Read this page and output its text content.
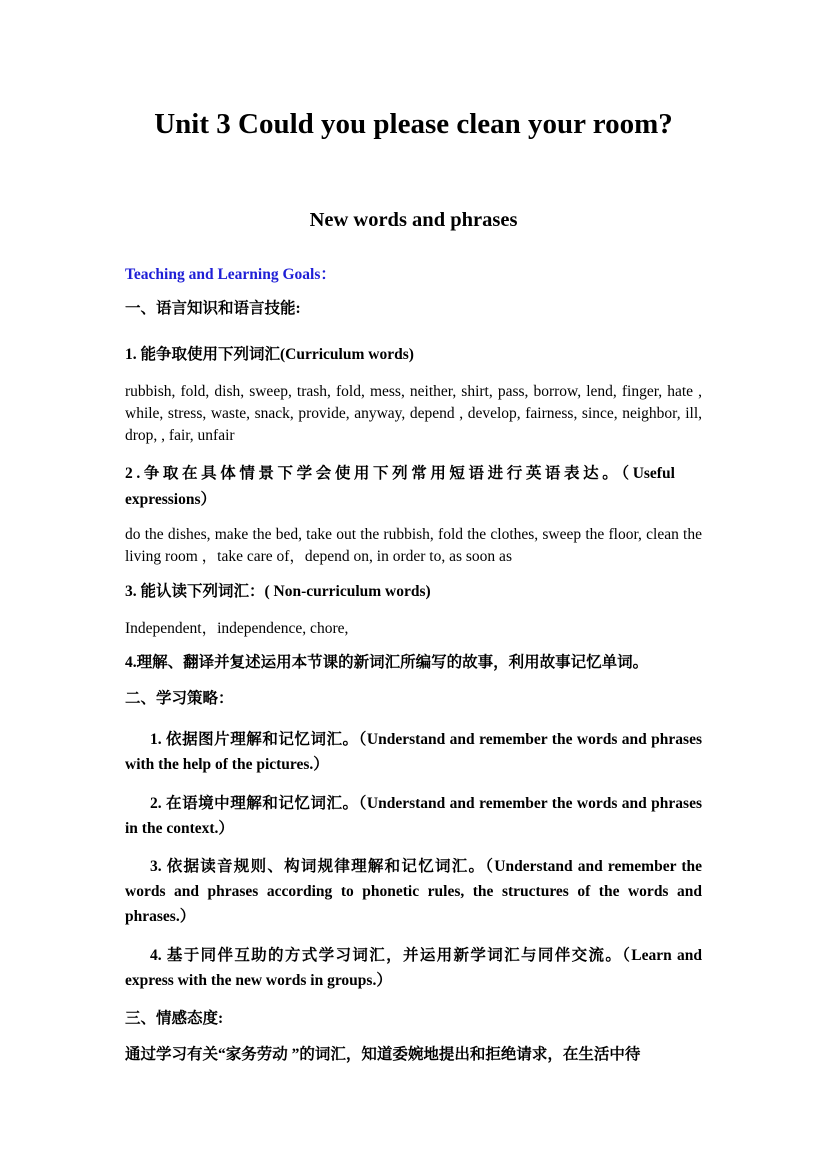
Unit 3 Could you please clean your room?
New words and phrases

Teaching and Learning Goals：

一、语言知识和语言技能:

1. 能争取使用下列词汇(Curriculum words)

rubbish, fold, dish, sweep, trash, fold, mess, neither, shirt, pass, borrow, lend, finger, hate , while, stress, waste, snack, provide, anyway, depend , develop, fairness, since, neighbor, ill, drop, , fair, unfair

2.争取在具体情景下学会使用下列常用短语进行英语表达。（Useful expressions）

do the dishes, make the bed, take out the rubbish, fold the clothes, sweep the floor, clean the living room ，take care of，depend on, in order to, as soon as

3. 能认读下列词汇：( Non-curriculum words)

Independent，independence, chore,

4.理解、翻译并复述运用本节课的新词汇所编写的故事，利用故事记忆单词。

二、学习策略：

1. 依据图片理解和记忆词汇。（Understand and remember the words and phrases with the help of the pictures.）

2. 在语境中理解和记忆词汇。（Understand and remember the words and phrases in the context.）

3. 依据读音规则、构词规律理解和记忆词汇。（Understand and remember the words and phrases according to phonetic rules, the structures of the words and phrases.）

4. 基于同伴互助的方式学习词汇，并运用新学词汇与同伴交流。（Learn and express with the new words in groups.）

三、情感态度:

通过学习有关“家务劳动 ”的词汇，知道委婉地提出和拒绝请求，在生活中待
